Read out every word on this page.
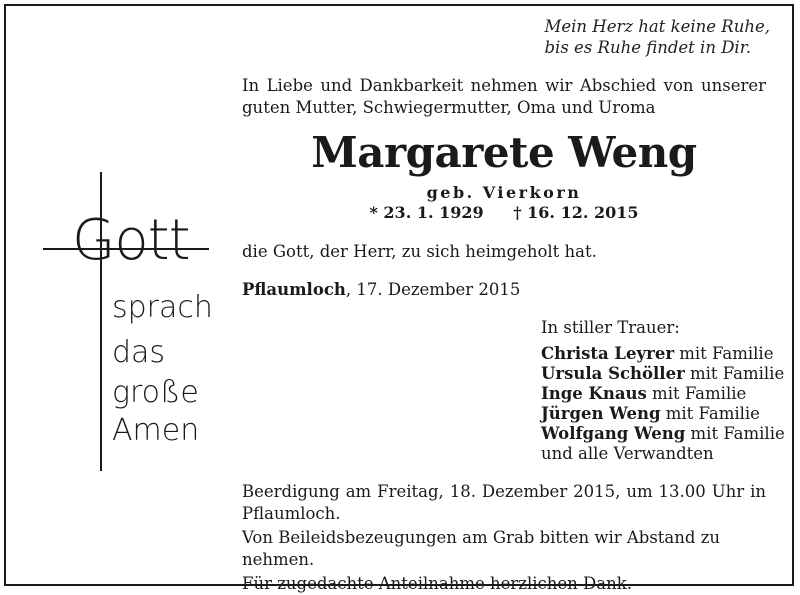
Mein Herz hat keine Ruhe,
bis es Ruhe findet in Dir.
In Liebe und Dankbarkeit nehmen wir Abschied von unserer
guten Mutter, Schwiegermutter, Oma und Uroma
Margarete Weng
geb. Vierkorn
* 23. 1. 1929 † 16. 12. 2015
die Gott, der Herr, zu sich heimgeholt hat.
Pflaumloch, 17. Dezember 2015
In stiller Trauer:
Christa Leyrer mit Familie
Ursula Schöller mit Familie
Inge Knaus mit Familie
Jürgen Weng mit Familie
Wolfgang Weng mit Familie
und alle Verwandten
Beerdigung am Freitag, 18. Dezember 2015, um 13.00 Uhr in Pflaumloch.
Von Beileidsbezeugungen am Grab bitten wir Abstand zu nehmen.
Für zugedachte Anteilnahme herzlichen Dank.
Gott
sprach
das
große
Amen
